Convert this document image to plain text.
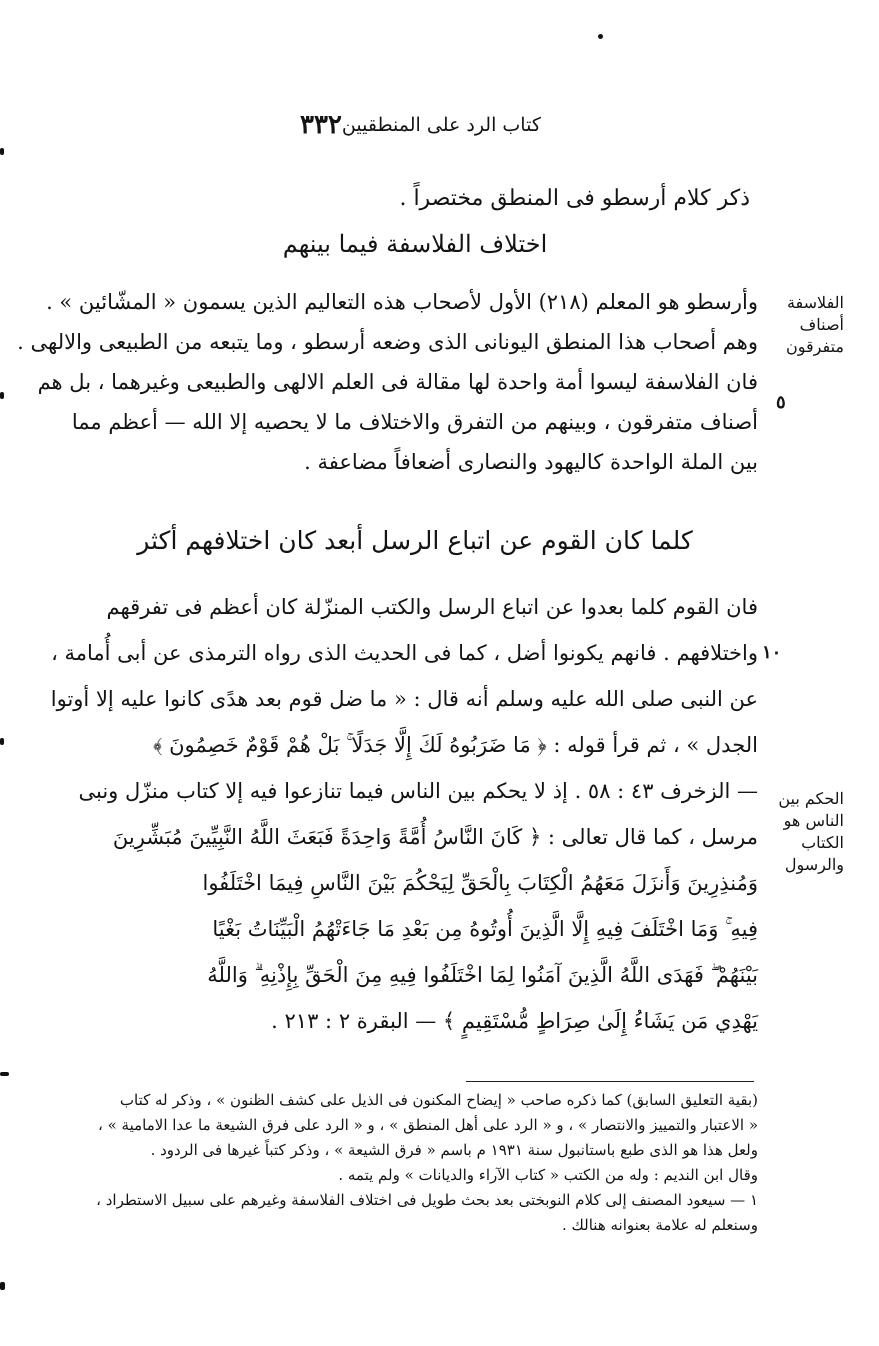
٣٣٢ كتاب الرد على المنطقيين
ذكر كلام أرسطو فى المنطق مختصراً .
اختلاف الفلاسفة فيما بينهم
الفلاسفة
أصناف
متفرقون
٥
وأرسطو هو المعلم (٢١٨) الأول لأصحاب هذه التعاليم الذين يسمون « المشّائين » .
وهم أصحاب هذا المنطق اليونانى الذى وضعه أرسطو ، وما يتبعه من الطبيعى والالهى .
فان الفلاسفة ليسوا أمة واحدة لها مقالة فى العلم الالهى والطبيعى وغيرهما ، بل هم
أصناف متفرقون ، وبينهم من التفرق والاختلاف ما لا يحصيه إلا الله — أعظم مما
بين الملة الواحدة كاليهود والنصارى أضعافاً مضاعفة .
كلما كان القوم عن اتباع الرسل أبعد كان اختلافهم أكثر
١٠
الحكم بين
الناس هو
الكتاب
والرسول
فان القوم كلما بعدوا عن اتباع الرسل والكتب المنزّلة كان أعظم فى تفرقهم
واختلافهم . فانهم يكونوا أضل ، كما فى الحديث الذى رواه الترمذى عن أبى أُمامة ،
عن النبى صلى الله عليه وسلم أنه قال : « ما ضل قوم بعد هدًى كانوا عليه إلا أوتوا
الجدل » ، ثم قرأ قوله : ﴿ مَا ضَرَبُوهُ لَكَ إِلَّا جَدَلًا ۚ بَلْ هُمْ قَوْمٌ خَصِمُونَ ﴾
— الزخرف ٤٣ : ٥٨ . إذ لا يحكم بين الناس فيما تنازعوا فيه إلا كتاب منزّل ونبى
مرسل ، كما قال تعالى : ﴿ كَانَ النَّاسُ أُمَّةً وَاحِدَةً فَبَعَثَ اللَّهُ النَّبِيِّينَ مُبَشِّرِينَ
وَمُنذِرِينَ وَأَنزَلَ مَعَهُمُ الْكِتَابَ بِالْحَقِّ لِيَحْكُمَ بَيْنَ النَّاسِ فِيمَا اخْتَلَفُوا
فِيهِ ۚ وَمَا اخْتَلَفَ فِيهِ إِلَّا الَّذِينَ أُوتُوهُ مِن بَعْدِ مَا جَاءَتْهُمُ الْبَيِّنَاتُ بَغْيًا
بَيْنَهُمْ ۖ فَهَدَى اللَّهُ الَّذِينَ آمَنُوا لِمَا اخْتَلَفُوا فِيهِ مِنَ الْحَقِّ بِإِذْنِهِ ۗ وَاللَّهُ
يَهْدِي مَن يَشَاءُ إِلَىٰ صِرَاطٍ مُّسْتَقِيمٍ ﴾ — البقرة ٢ : ٢١٣ .
(بقية التعليق السابق) كما ذكره صاحب « إيضاح المكنون فى الذيل على كشف الظنون » ، وذكر له كتاب
« الاعتبار والتمييز والانتصار » ، و « الرد على أهل المنطق » ، و « الرد على فرق الشيعة ما عدا الامامية » ،
ولعل هذا هو الذى طبع باستانبول سنة ١٩٣١ م باسم « فرق الشيعة » ، وذكر كتباً غيرها فى الردود .
وقال ابن النديم : وله من الكتب « كتاب الآراء والديانات » ولم يتمه .
١ — سيعود المصنف إلى كلام النوبختى بعد بحث طويل فى اختلاف الفلاسفة وغيرهم على سبيل الاستطراد ،
وسنعلم له علامة بعنوانه هنالك .
